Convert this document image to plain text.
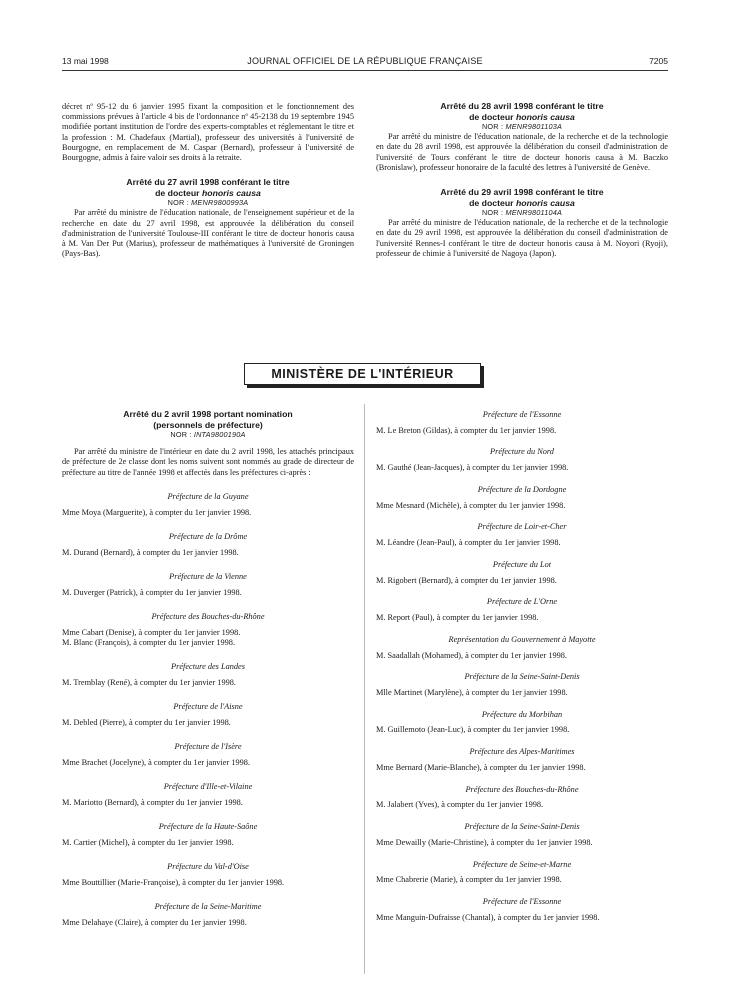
13 mai 1998	JOURNAL OFFICIEL DE LA RÉPUBLIQUE FRANÇAISE	7205

décret nº 95-12 du 6 janvier 1995 fixant la composition et le fonctionnement des commissions prévues à l'article 4 bis de l'ordonnance nº 45-2138 du 19 septembre 1945 modifiée portant institution de l'ordre des experts-comptables et réglementant le titre et la profession : M. Chadefaux (Martial), professeur des universités à l'université de Bourgogne, en remplacement de M. Caspar (Bernard), professeur à l'université de Bourgogne, admis à faire valoir ses droits à la retraite.

Arrêté du 27 avril 1998 conférant le titre
de docteur honoris causa

NOR : MENR9800993A

Par arrêté du ministre de l'éducation nationale, de l'enseignement supérieur et de la recherche en date du 27 avril 1998, est approuvée la délibération du conseil d'administration de l'université Toulouse-III conférant le titre de docteur honoris causa à M. Van Der Put (Marius), professeur de mathématiques à l'université de Groningen (Pays-Bas).

Arrêté du 28 avril 1998 conférant le titre
de docteur honoris causa

NOR : MENR9801103A

Par arrêté du ministre de l'éducation nationale, de la recherche et de la technologie en date du 28 avril 1998, est approuvée la délibération du conseil d'administration de l'université de Tours conférant le titre de docteur honoris causa à M. Baczko (Bronislaw), professeur honoraire de la faculté des lettres à l'université de Genève.

Arrêté du 29 avril 1998 conférant le titre
de docteur honoris causa

NOR : MENR9801104A

Par arrêté du ministre de l'éducation nationale, de la recherche et de la technologie en date du 29 avril 1998, est approuvée la délibération du conseil d'administration de l'université Rennes-I conférant le titre de docteur honoris causa à M. Noyori (Ryoji), professeur de chimie à l'université de Nagoya (Japon).

MINISTÈRE DE L'INTÉRIEUR

Arrêté du 2 avril 1998 portant nomination
(personnels de préfecture)

NOR : INTA9800190A

Par arrêté du ministre de l'intérieur en date du 2 avril 1998, les attachés principaux de préfecture de 2e classe dont les noms suivent sont nommés au grade de directeur de préfecture au titre de l'année 1998 et affectés dans les préfectures ci-après :

Préfecture de la Guyane

Mme Moya (Marguerite), à compter du 1er janvier 1998.

Préfecture de la Drôme

M. Durand (Bernard), à compter du 1er janvier 1998.

Préfecture de la Vienne

M. Duverger (Patrick), à compter du 1er janvier 1998.

Préfecture des Bouches-du-Rhône

Mme Cabart (Denise), à compter du 1er janvier 1998.

M. Blanc (François), à compter du 1er janvier 1998.

Préfecture des Landes

M. Tremblay (René), à compter du 1er janvier 1998.

Préfecture de l'Aisne

M. Debled (Pierre), à compter du 1er janvier 1998.

Préfecture de l'Isère

Mme Brachet (Jocelyne), à compter du 1er janvier 1998.

Préfecture d'Ille-et-Vilaine

M. Mariotto (Bernard), à compter du 1er janvier 1998.

Préfecture de la Haute-Saône

M. Cartier (Michel), à compter du 1er janvier 1998.

Préfecture du Val-d'Oise

Mme Bouttillier (Marie-Françoise), à compter du 1er janvier 1998.

Préfecture de la Seine-Maritime

Mme Delahaye (Claire), à compter du 1er janvier 1998.

Préfecture de l'Essonne

M. Le Breton (Gildas), à compter du 1er janvier 1998.

Préfecture du Nord

M. Gauthé (Jean-Jacques), à compter du 1er janvier 1998.

Préfecture de la Dordogne

Mme Mesnard (Michèle), à compter du 1er janvier 1998.

Préfecture de Loir-et-Cher

M. Léandre (Jean-Paul), à compter du 1er janvier 1998.

Préfecture du Lot

M. Rigobert (Bernard), à compter du 1er janvier 1998.

Préfecture de L'Orne

M. Report (Paul), à compter du 1er janvier 1998.

Représentation du Gouvernement à Mayotte

M. Saadallah (Mohamed), à compter du 1er janvier 1998.

Préfecture de la Seine-Saint-Denis

Mlle Martinet (Marylène), à compter du 1er janvier 1998.

Préfecture du Morbihan

M. Guillemoto (Jean-Luc), à compter du 1er janvier 1998.

Préfecture des Alpes-Maritimes

Mme Bernard (Marie-Blanche), à compter du 1er janvier 1998.

Préfecture des Bouches-du-Rhône

M. Jalabert (Yves), à compter du 1er janvier 1998.

Préfecture de la Seine-Saint-Denis

Mme Dewailly (Marie-Christine), à compter du 1er janvier 1998.

Préfecture de Seine-et-Marne

Mme Chabrerie (Marie), à compter du 1er janvier 1998.

Préfecture de l'Essonne

Mme Manguin-Dufraisse (Chantal), à compter du 1er janvier 1998.
